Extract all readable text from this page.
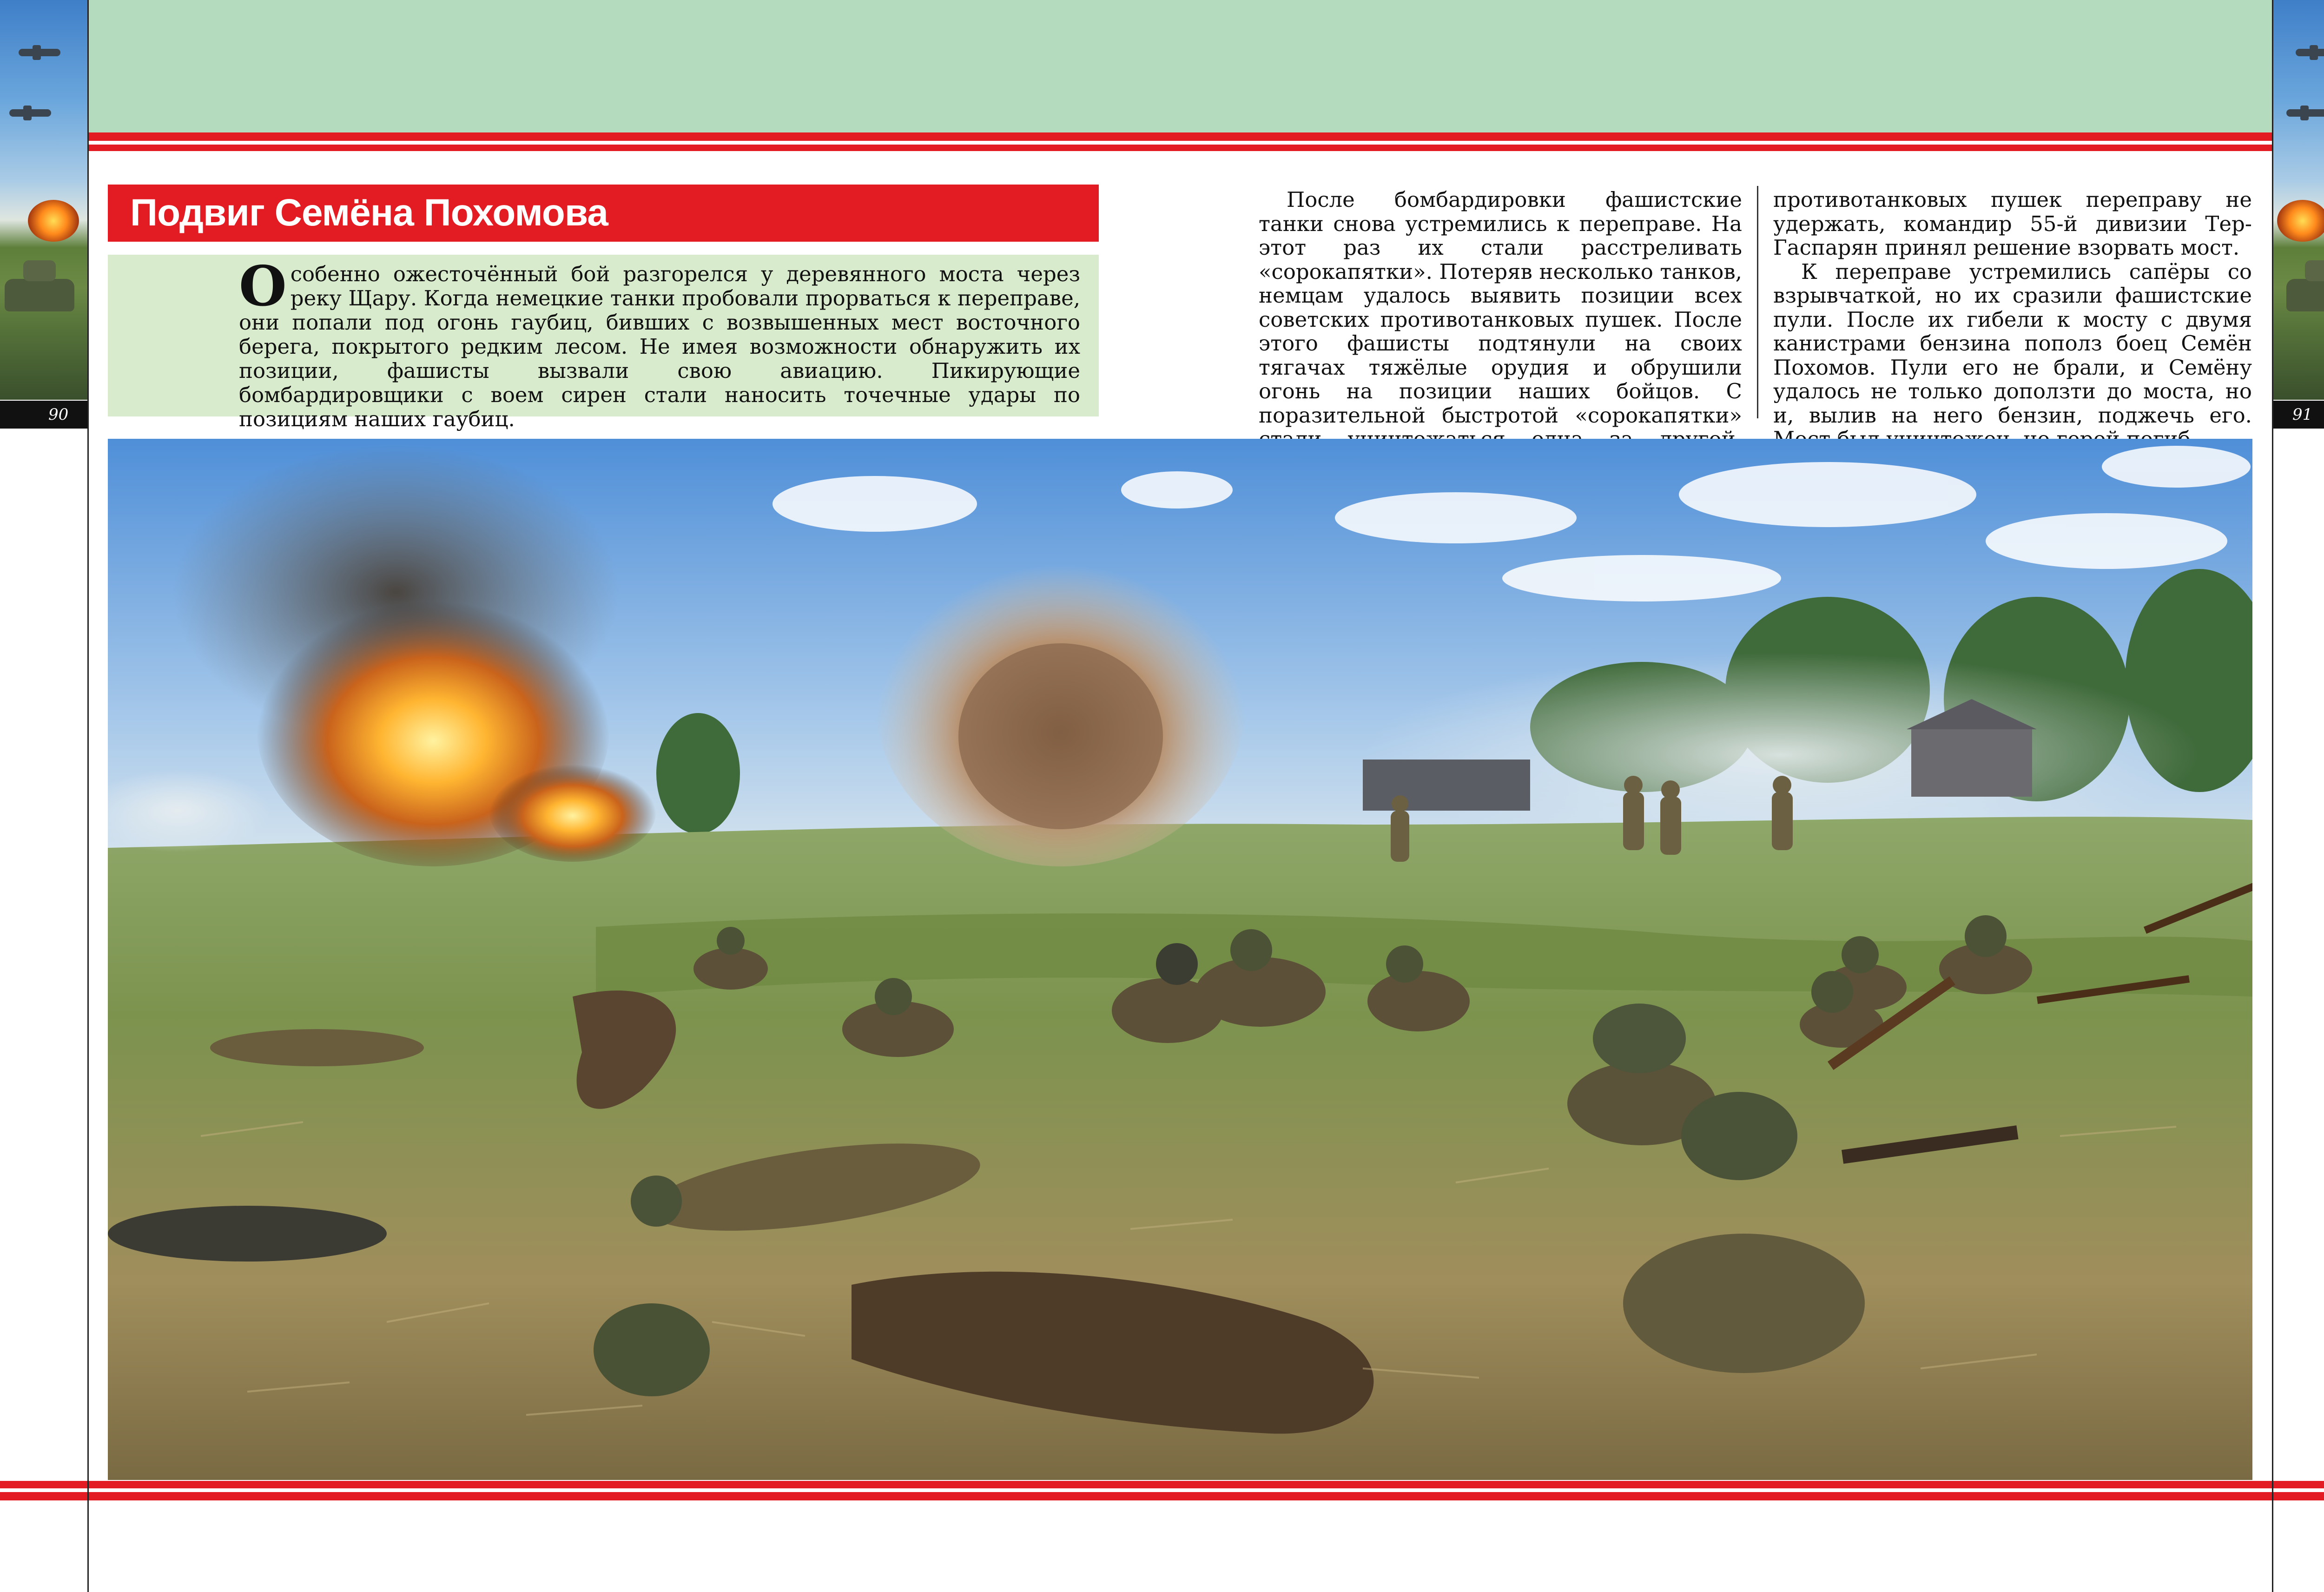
90	91
Подвиг Семёна Похомова
Особенно ожесточённый бой разгорелся у деревянного моста через реку Щару. Когда немецкие танки пробовали прорваться к переправе, они попали под огонь гаубиц, бивших с возвышенных мест восточного берега, покрытого редким лесом. Не имея возможности обнаружить их позиции, фашисты вызвали свою авиацию. Пикирующие бомбардировщики с воем сирен стали наносить точечные удары по позициям наших гаубиц.

После бомбардировки фашистские танки снова устремились к переправе. На этот раз их стали расстреливать «сорокапятки». Потеряв несколько танков, немцам удалось выявить позиции всех советских противотанковых пушек. После этого фашисты подтянули на своих тягачах тяжёлые орудия и обрушили огонь на позиции наших бойцов. С поразительной быстротой «сорокапятки»

противотанковых пушек переправу не удержать, командир 55-й дивизии Тер-Гаспарян принял решение взорвать мост.

К переправе устремились сапёры со взрывчаткой, но их сразили фашистские пули. После их гибели к мосту с двумя канистрами бензина пополз боец Семён Похомов. Пули его не брали, и Семёну удалось не только доползти до моста, но и, вылив на него бензин, поджечь его.
